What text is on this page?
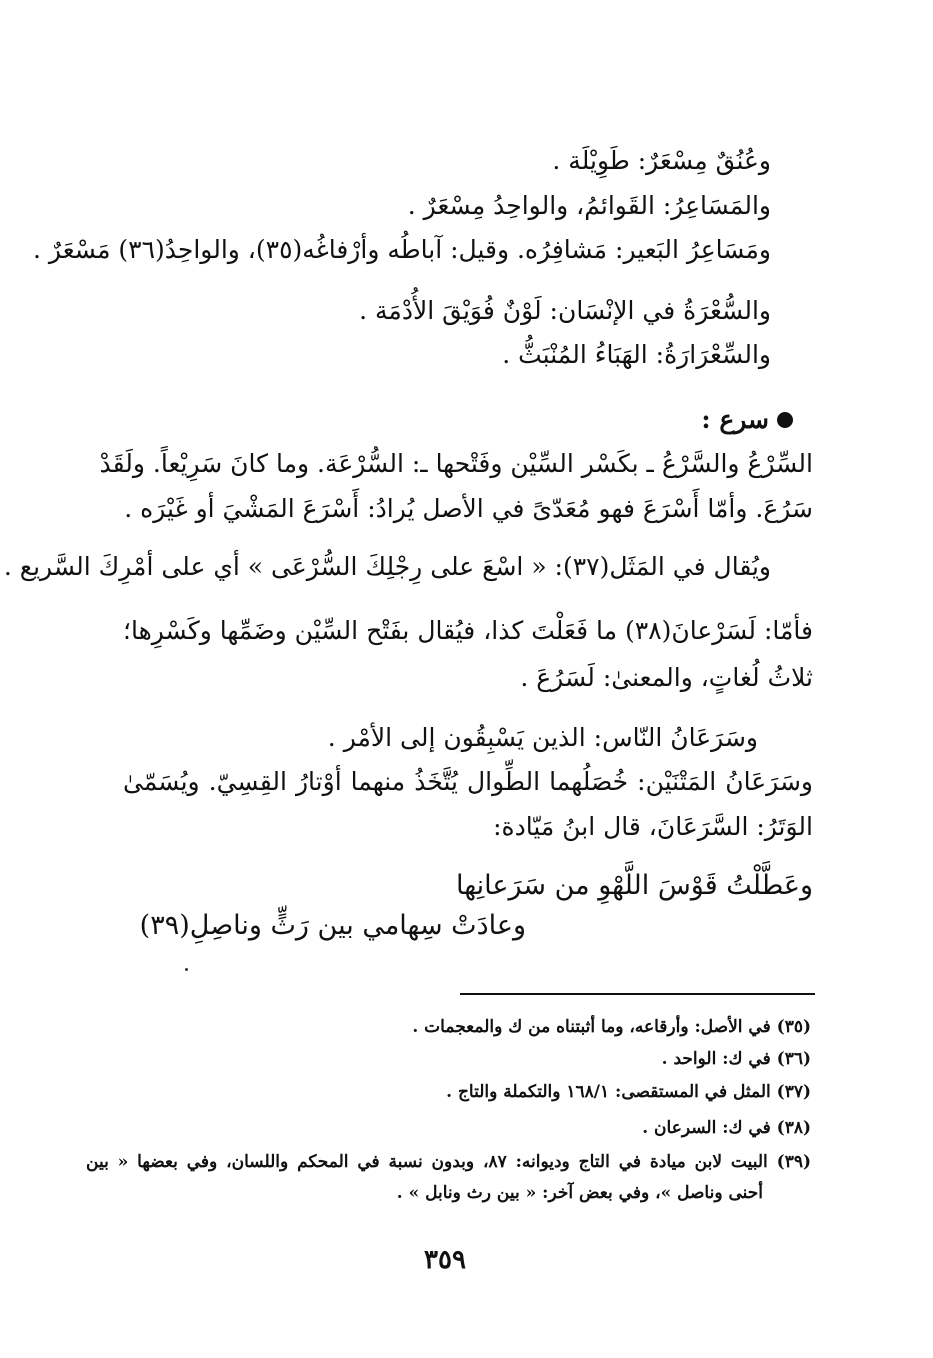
وعُنُقٌ مِسْعَرٌ: طَوِيْلَة .
والمَسَاعِرُ: القَوائمُ، والواحِدُ مِسْعَرٌ .
ومَسَاعِرُ البَعير: مَشافِرُه. وقيل: آباطُه وأرْفاغُه(٣٥)، والواحِدُ(٣٦) مَسْعَرٌ .
والسُّعْرَةُ في الإنْسَان: لَوْنٌ فُوَيْقَ الأُدْمَة .
والسِّعْرَارَةُ: الهَبَاءُ المُنْبَثُّ .
سرع :
السِّرْعُ والسَّرْعُ ـ بكَسْر السِّيْن وفَتْحها ـ: السُّرْعَة. وما كانَ سَرِيْعاً. ولَقَدْ
سَرُعَ. وأمّا أَسْرَعَ فهو مُعَدّىً في الأصل يُرادُ: أَسْرَعَ المَشْيَ أو غَيْرَه .
ويُقال في المَثَل(٣٧): « اسْعَ على رِجْلِكَ السُّرْعَى » أي على أمْرِكَ السَّريع .
فأمّا: لَسَرْعانَ(٣٨) ما فَعَلْتَ كذا، فيُقال بفَتْح السِّيْن وضَمِّها وكَسْرِها؛
ثلاثُ لُغاتٍ، والمعنىٰ: لَسَرُعَ .
وسَرَعَانُ النّاس: الذين يَسْبِقُون إلى الأمْر .
وسَرَعَانُ المَتْنَيْن: خُصَلُهما الطِّوال يُتَّخَذُ منهما أوْتارُ القِسِيّ. ويُسَمّىٰ
الوَتَرُ: السَّرَعَانَ، قال ابنُ مَيّادة:
وعَطَّلْتُ قَوْسَ اللَّهْوِ من سَرَعانِها
وعادَتْ سِهامي بين رَثٍّ وناصِلِ(٣٩)
(٣٥) في الأصل: وأرقاعه، وما أثبتناه من ك والمعجمات .
(٣٦) في ك: الواحد .
(٣٧) المثل في المستقصى: ١٦٨/١ والتكملة والتاج .
(٣٨) في ك: السرعان .
(٣٩) البيت لابن ميادة في التاج وديوانه: ٨٧، وبدون نسبة في المحكم واللسان، وفي بعضها « بين
أحنى وناصل »، وفي بعض آخر: « بين رث ونابل » .
٣٥٩
